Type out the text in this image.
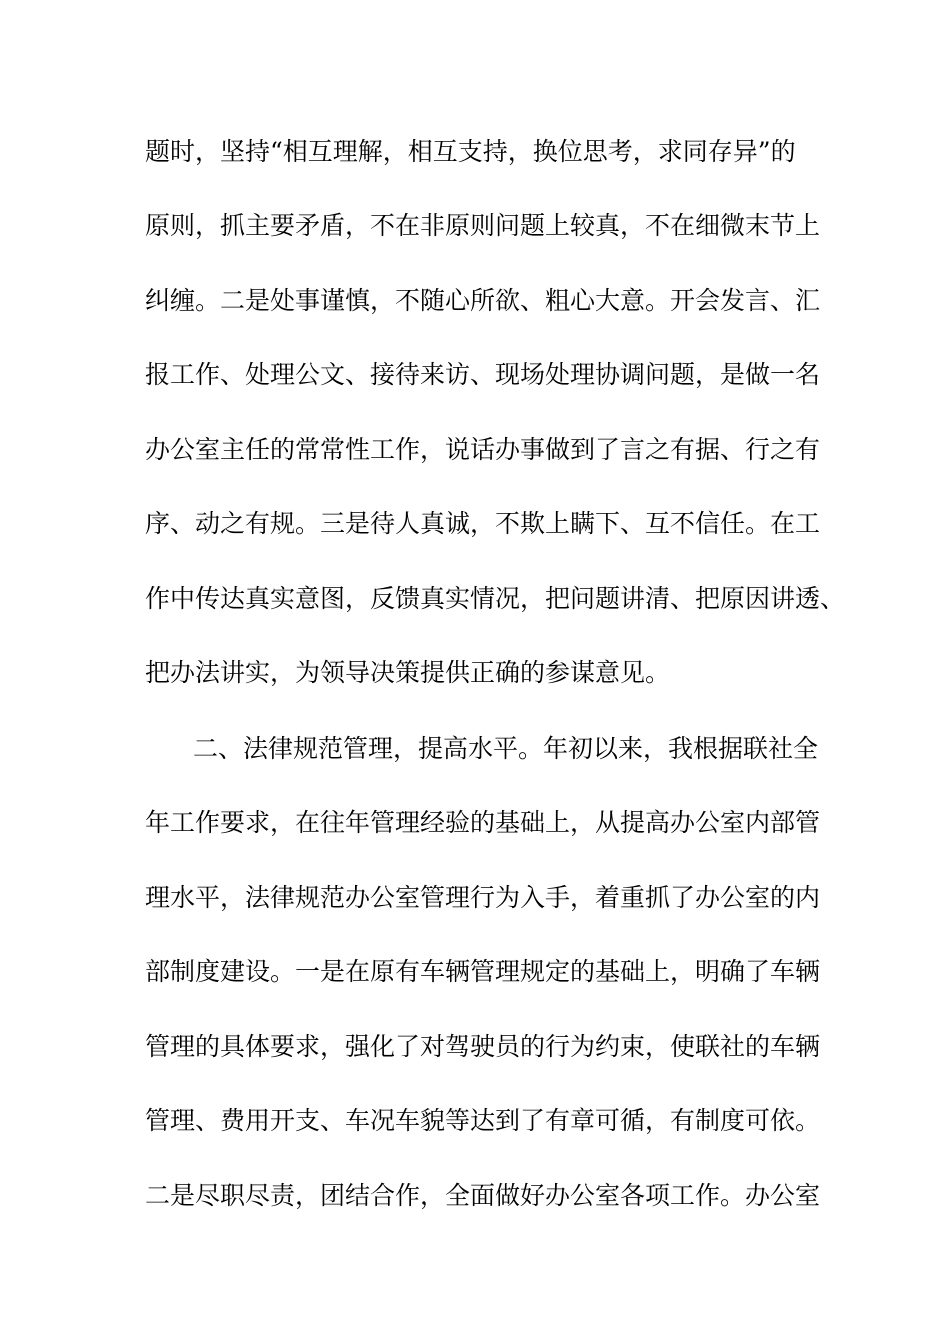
题时，坚持“相互理解，相互支持，换位思考，求同存异”的
原则，抓主要矛盾，不在非原则问题上较真，不在细微末节上
纠缠。二是处事谨慎，不随心所欲、粗心大意。开会发言、汇
报工作、处理公文、接待来访、现场处理协调问题，是做一名
办公室主任的常常性工作，说话办事做到了言之有据、行之有
序、动之有规。三是待人真诚，不欺上瞒下、互不信任。在工
作中传达真实意图，反馈真实情况，把问题讲清、把原因讲透、
把办法讲实，为领导决策提供正确的参谋意见。
二、法律规范管理，提高水平。年初以来，我根据联社全
年工作要求，在往年管理经验的基础上，从提高办公室内部管
理水平，法律规范办公室管理行为入手，着重抓了办公室的内
部制度建设。一是在原有车辆管理规定的基础上，明确了车辆
管理的具体要求，强化了对驾驶员的行为约束，使联社的车辆
管理、费用开支、车况车貌等达到了有章可循，有制度可依。
二是尽职尽责，团结合作，全面做好办公室各项工作。办公室
